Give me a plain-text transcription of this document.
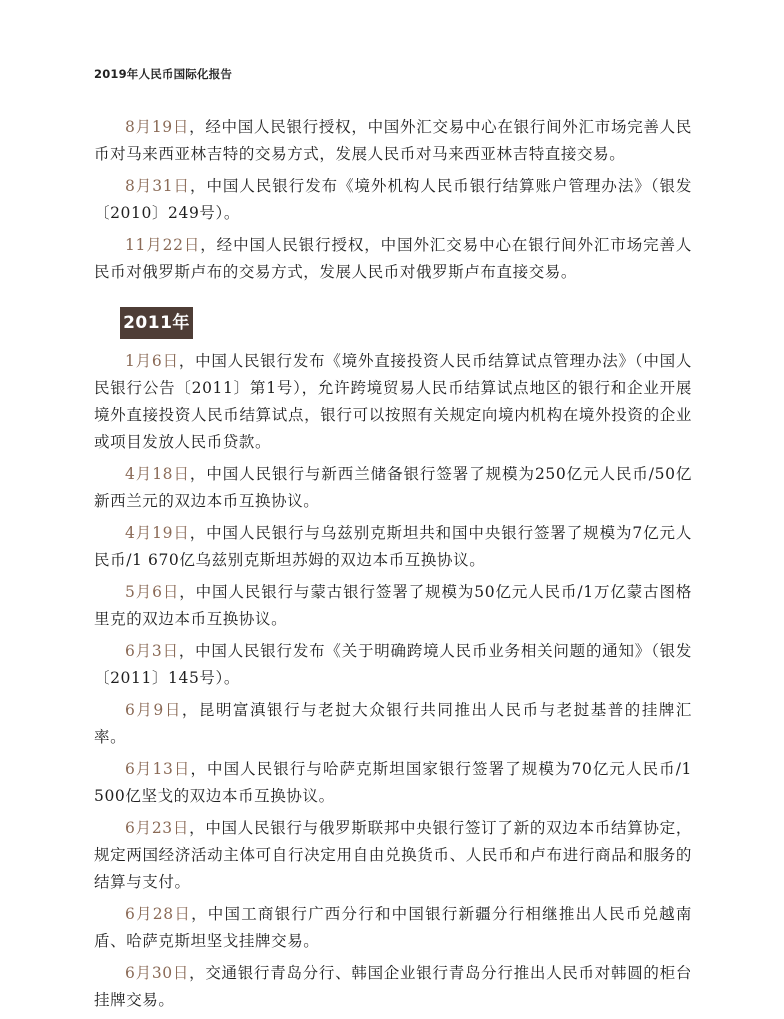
2019年人民币国际化报告

8月19日，经中国人民银行授权，中国外汇交易中心在银行间外汇市场完善人民币对马来西亚林吉特的交易方式，发展人民币对马来西亚林吉特直接交易。

8月31日，中国人民银行发布《境外机构人民币银行结算账户管理办法》（银发〔2010〕249号）。

11月22日，经中国人民银行授权，中国外汇交易中心在银行间外汇市场完善人民币对俄罗斯卢布的交易方式，发展人民币对俄罗斯卢布直接交易。

2011年

1月6日，中国人民银行发布《境外直接投资人民币结算试点管理办法》（中国人民银行公告〔2011〕第1号），允许跨境贸易人民币结算试点地区的银行和企业开展境外直接投资人民币结算试点，银行可以按照有关规定向境内机构在境外投资的企业或项目发放人民币贷款。

4月18日，中国人民银行与新西兰储备银行签署了规模为250亿元人民币/50亿新西兰元的双边本币互换协议。

4月19日，中国人民银行与乌兹别克斯坦共和国中央银行签署了规模为7亿元人民币/1 670亿乌兹别克斯坦苏姆的双边本币互换协议。

5月6日，中国人民银行与蒙古银行签署了规模为50亿元人民币/1万亿蒙古图格里克的双边本币互换协议。

6月3日，中国人民银行发布《关于明确跨境人民币业务相关问题的通知》（银发〔2011〕145号）。

6月9日，昆明富滇银行与老挝大众银行共同推出人民币与老挝基普的挂牌汇率。

6月13日，中国人民银行与哈萨克斯坦国家银行签署了规模为70亿元人民币/1 500亿坚戈的双边本币互换协议。

6月23日，中国人民银行与俄罗斯联邦中央银行签订了新的双边本币结算协定，规定两国经济活动主体可自行决定用自由兑换货币、人民币和卢布进行商品和服务的结算与支付。

6月28日，中国工商银行广西分行和中国银行新疆分行相继推出人民币兑越南盾、哈萨克斯坦坚戈挂牌交易。

6月30日，交通银行青岛分行、韩国企业银行青岛分行推出人民币对韩圆的柜台挂牌交易。
